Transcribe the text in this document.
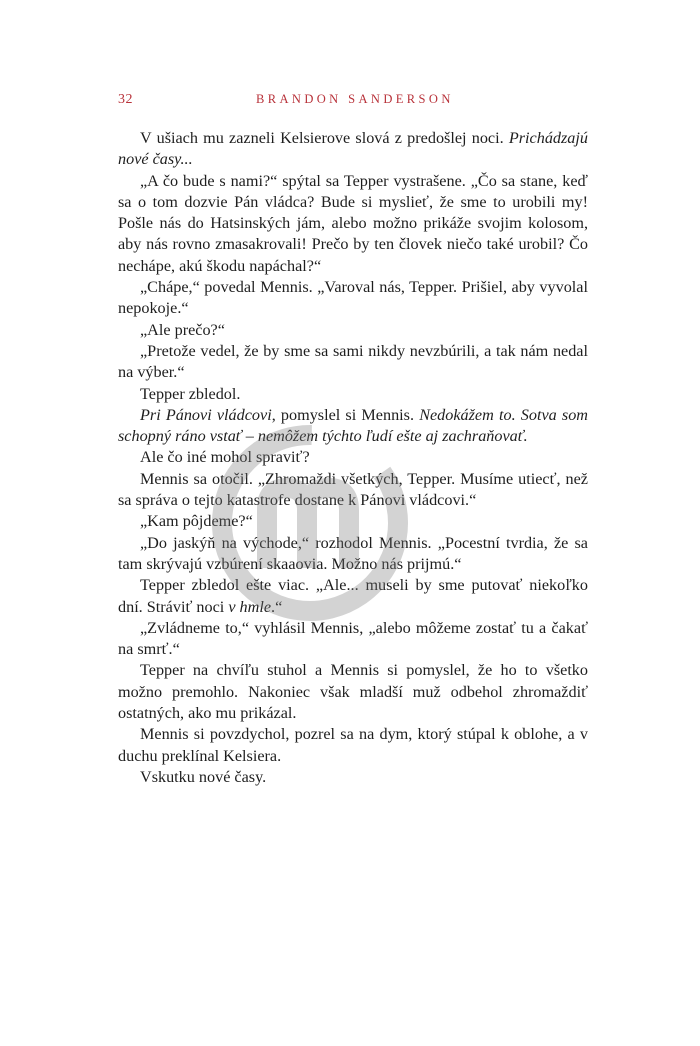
32	BRANDON SANDERSON

V ušiach mu zazneli Kelsierove slová z predošlej noci. Prichádzajú nové časy...

„A čo bude s nami?“ spýtal sa Tepper vystrašene. „Čo sa stane, keď sa o tom dozvie Pán vládca? Bude si myslieť, že sme to urobili my! Pošle nás do Hatsinských jám, alebo možno prikáže svojim kolosom, aby nás rovno zmasakrovali! Prečo by ten človek niečo také urobil? Čo nechápe, akú škodu napáchal?“

„Chápe,“ povedal Mennis. „Varoval nás, Tepper. Prišiel, aby vyvolal nepokoje.“

„Ale prečo?“

„Pretože vedel, že by sme sa sami nikdy nevzbúrili, a tak nám nedal na výber.“

Tepper zbledol.

Pri Pánovi vládcovi, pomyslel si Mennis. Nedokážem to. Sotva som schopný ráno vstať – nemôžem týchto ľudí ešte aj zachraňovať.

Ale čo iné mohol spraviť?

Mennis sa otočil. „Zhromaždi všetkých, Tepper. Musíme utiecť, než sa správa o tejto katastrofe dostane k Pánovi vládcovi.“

„Kam pôjdeme?“

„Do jaskýň na východe,“ rozhodol Mennis. „Pocestní tvrdia, že sa tam skrývajú vzbúrení skaaovia. Možno nás prijmú.“

Tepper zbledol ešte viac. „Ale... museli by sme putovať niekoľko dní. Stráviť noci v hmle.“

„Zvládneme to,“ vyhlásil Mennis, „alebo môžeme zostať tu a čakať na smrť.“

Tepper na chvíľu stuhol a Mennis si pomyslel, že ho to všetko možno premohlo. Nakoniec však mladší muž odbehol zhromaždiť ostatných, ako mu prikázal.

Mennis si povzdychol, pozrel sa na dym, ktorý stúpal k oblohe, a v duchu preklínal Kelsiera.

Vskutku nové časy.
